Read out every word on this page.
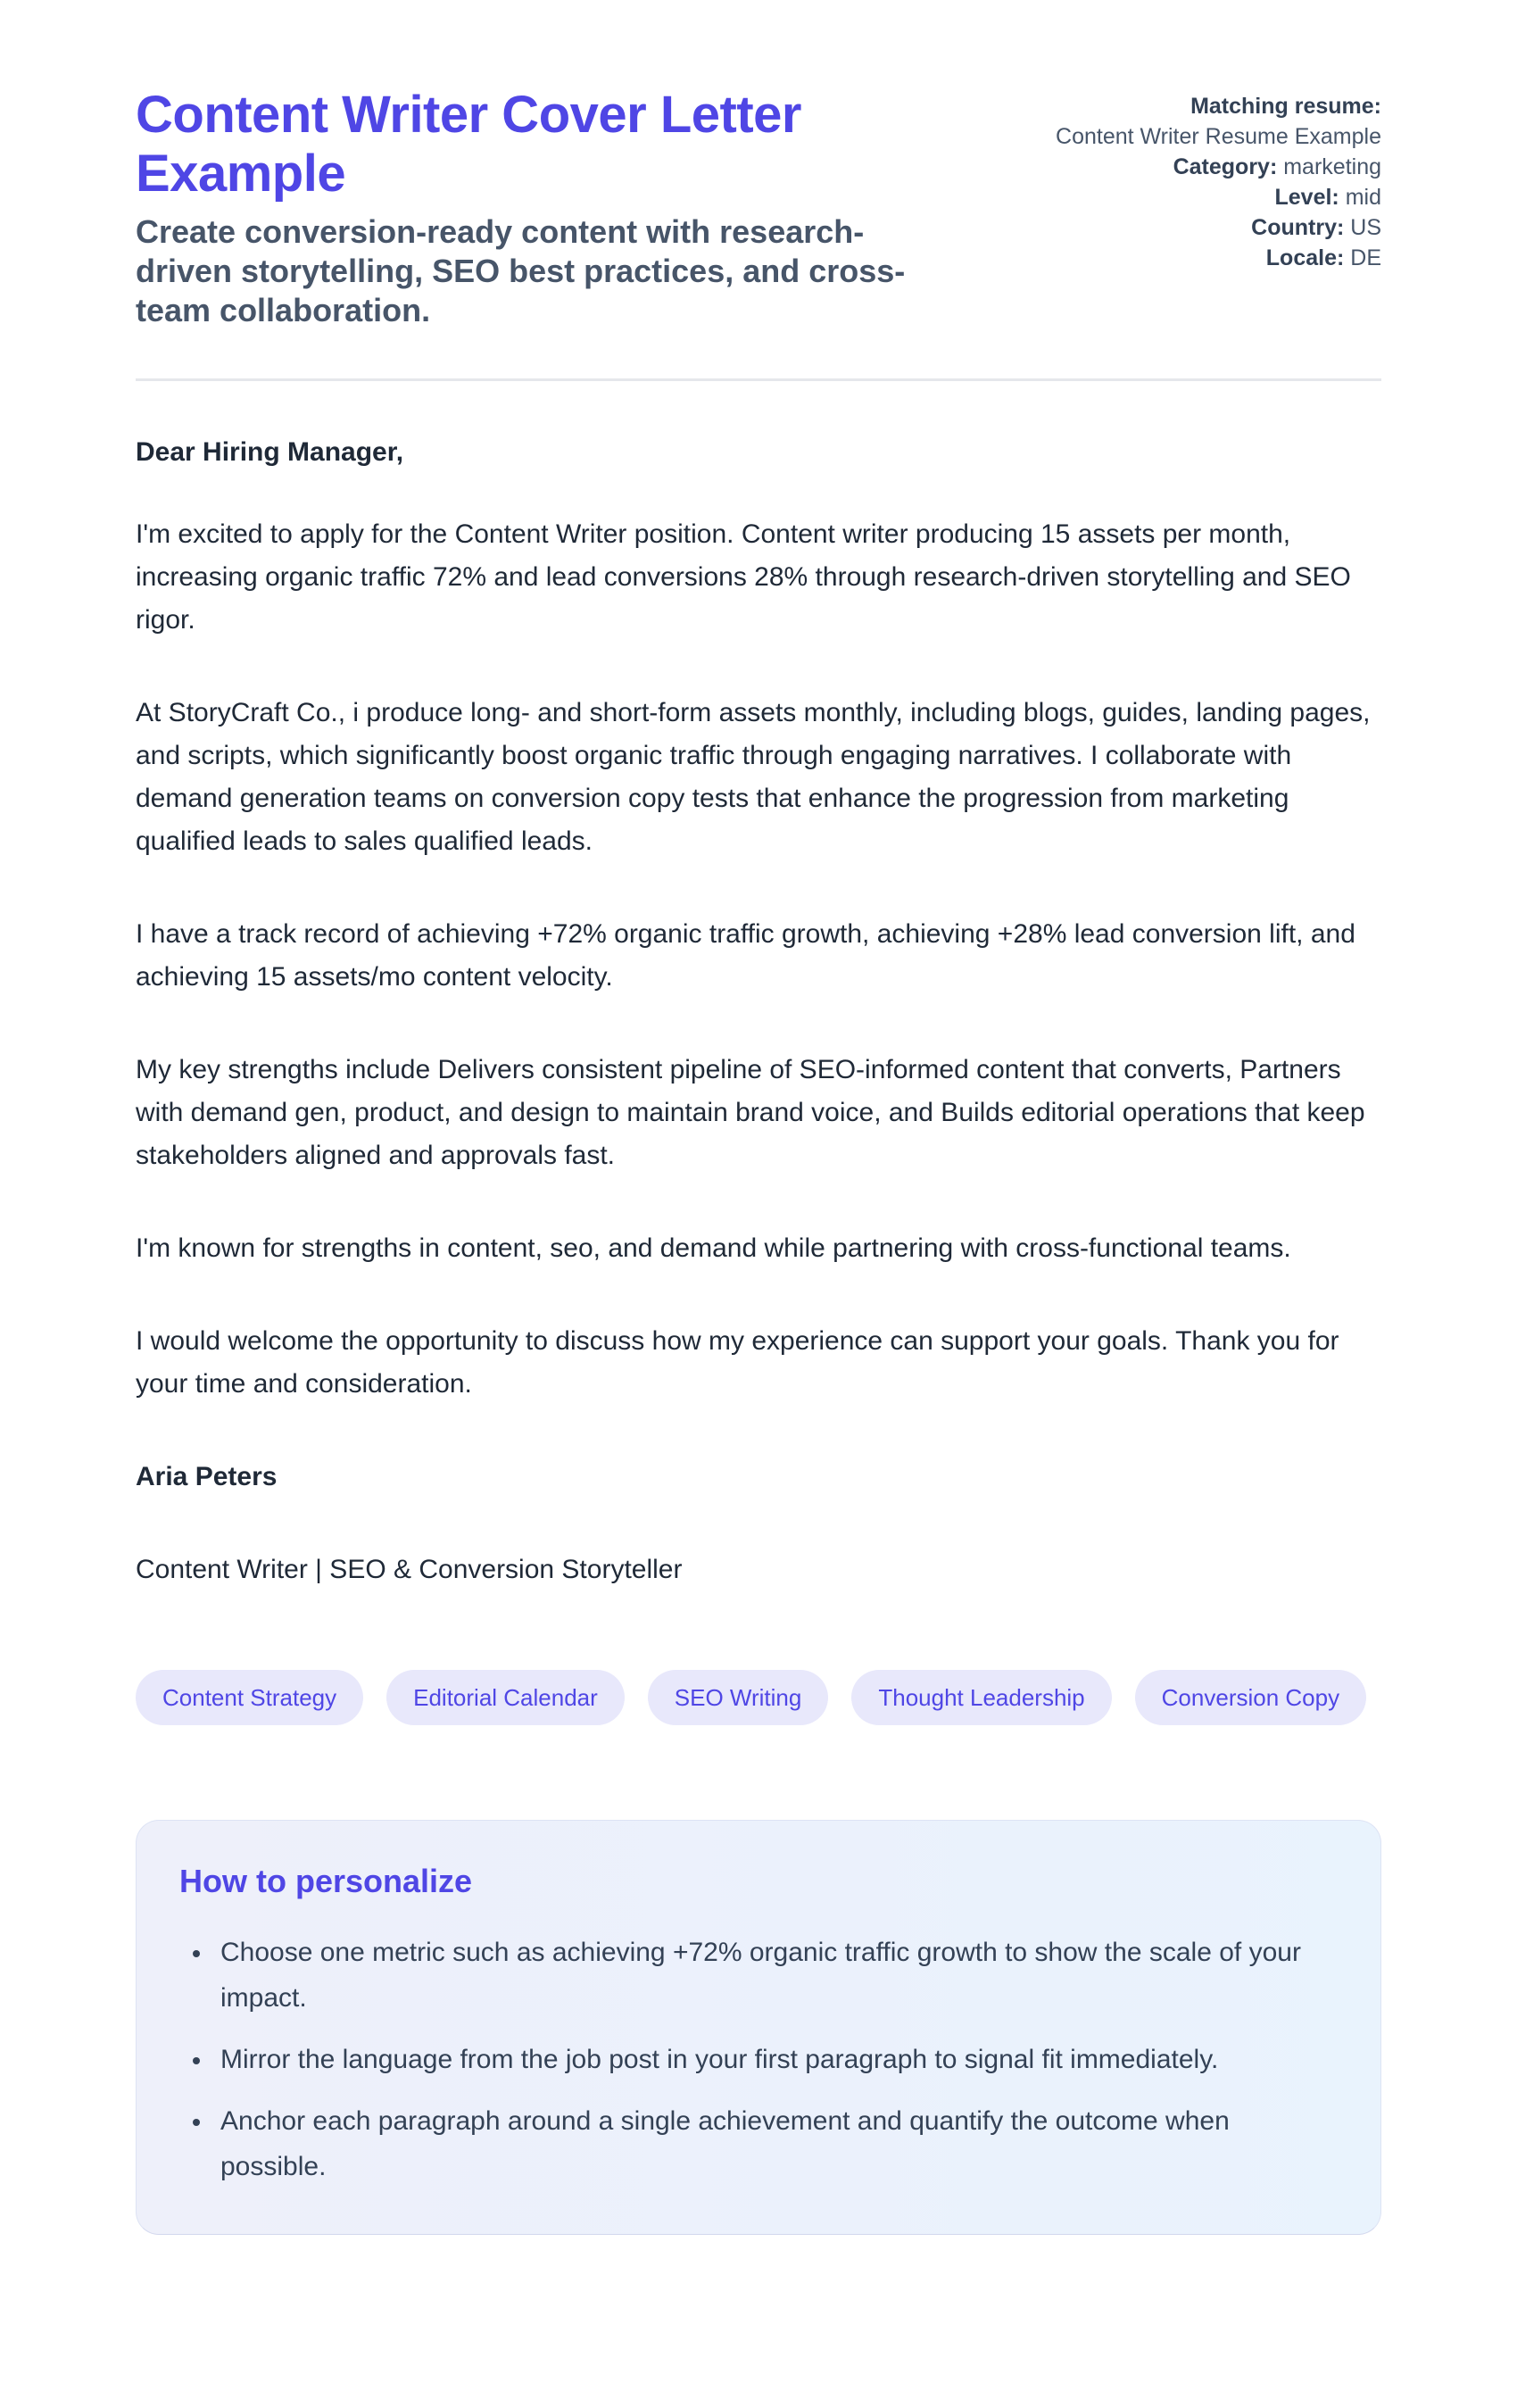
Content Writer Cover Letter Example

Create conversion-ready content with research-driven storytelling, SEO best practices, and cross-team collaboration.

Matching resume:
Content Writer Resume Example
Category: marketing
Level: mid
Country: US
Locale: DE

Dear Hiring Manager,

I'm excited to apply for the Content Writer position. Content writer producing 15 assets per month, increasing organic traffic 72% and lead conversions 28% through research-driven storytelling and SEO rigor.

At StoryCraft Co., i produce long- and short-form assets monthly, including blogs, guides, landing pages, and scripts, which significantly boost organic traffic through engaging narratives. I collaborate with demand generation teams on conversion copy tests that enhance the progression from marketing qualified leads to sales qualified leads.

I have a track record of achieving +72% organic traffic growth, achieving +28% lead conversion lift, and achieving 15 assets/mo content velocity.

My key strengths include Delivers consistent pipeline of SEO-informed content that converts, Partners with demand gen, product, and design to maintain brand voice, and Builds editorial operations that keep stakeholders aligned and approvals fast.

I'm known for strengths in content, seo, and demand while partnering with cross-functional teams.

I would welcome the opportunity to discuss how my experience can support your goals. Thank you for your time and consideration.

Aria Peters

Content Writer | SEO & Conversion Storyteller

Content Strategy	Editorial Calendar	SEO Writing	Thought Leadership	Conversion Copy
How to personalize
• Choose one metric such as achieving +72% organic traffic growth to show the scale of your impact.
• Mirror the language from the job post in your first paragraph to signal fit immediately.
• Anchor each paragraph around a single achievement and quantify the outcome when possible.
